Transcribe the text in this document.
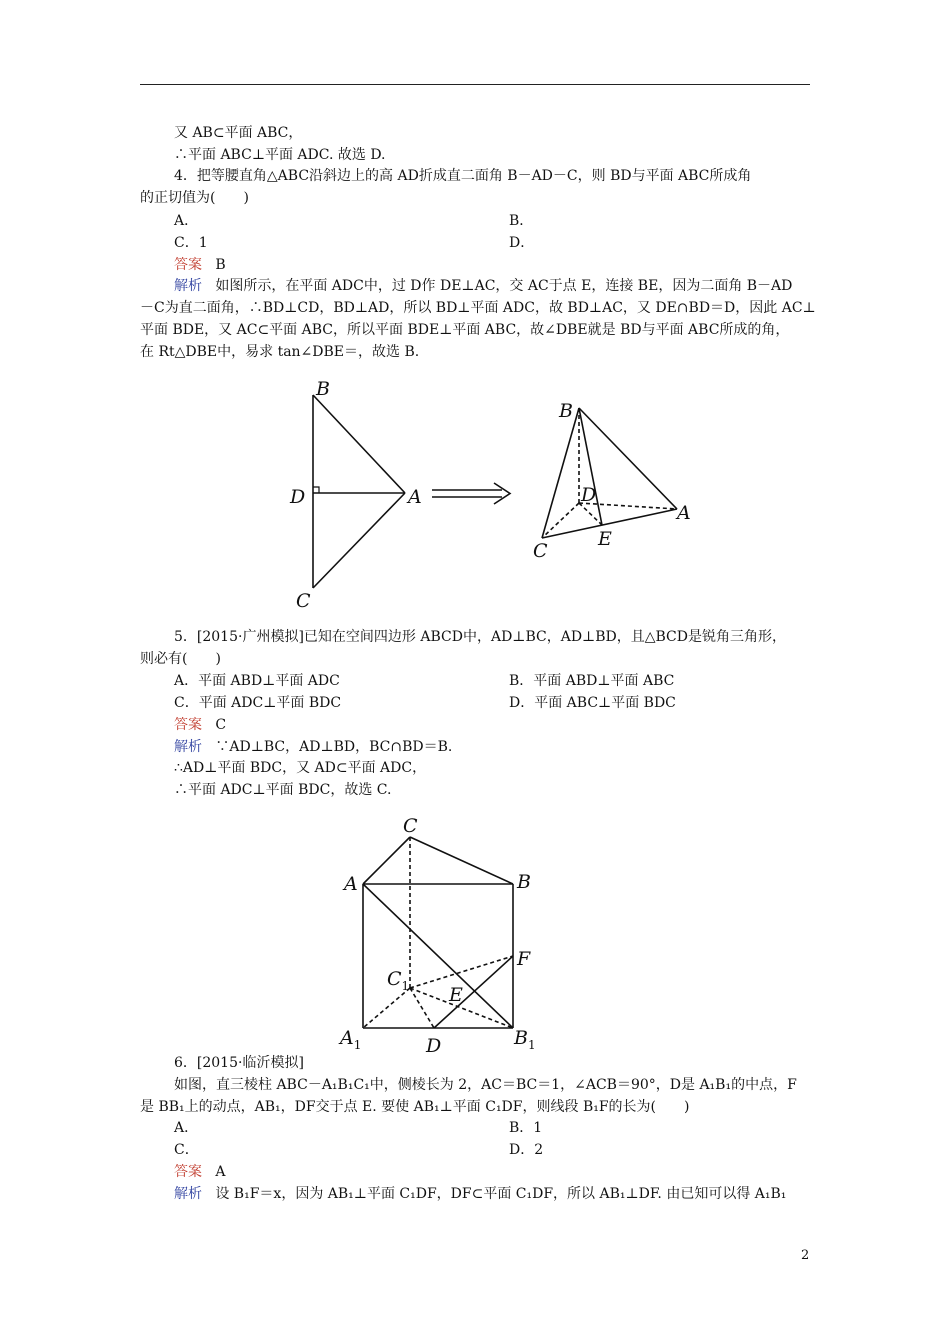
又 AB⊂平面 ABC，
∴平面 ABC⊥平面 ADC. 故选 D.
4．把等腰直角△ABC沿斜边上的高 AD折成直二面角 B－AD－C，则 BD与平面 ABC所成角
的正切值为(　　)
A．	B．
C．1	D．
答案 B
解析 如图所示，在平面 ADC中，过 D作 DE⊥AC，交 AC于点 E，连接 BE，因为二面角 B－AD
－C为直二面角，∴BD⊥CD，BD⊥AD，所以 BD⊥平面 ADC，故 BD⊥AC，又 DE∩BD＝D，因此 AC⊥
平面 BDE，又 AC⊂平面 ABC，所以平面 BDE⊥平面 ABC，故∠DBE就是 BD与平面 ABC所成的角，
在 Rt△DBE中，易求 tan∠DBE＝，故选 B.
B
D	A
C
B
D
A
C
E
5．[2015·广州模拟]已知在空间四边形 ABCD中，AD⊥BC，AD⊥BD，且△BCD是锐角三角形，
则必有(　　)
A．平面 ABD⊥平面 ADC	B．平面 ABD⊥平面 ABC
C．平面 ADC⊥平面 BDC	D．平面 ABC⊥平面 BDC
答案 C
解析 ∵AD⊥BC，AD⊥BD，BC∩BD＝B.
∴AD⊥平面 BDC，又 AD⊂平面 ADC，
∴平面 ADC⊥平面 BDC，故选 C.
C
A	B
F
$C_1$ E
$A_1$	D	$B_1$
6．[2015·临沂模拟]
如图，直三棱柱 ABC－A₁B₁C₁中，侧棱长为 2，AC＝BC＝1，∠ACB＝90°，D是 A₁B₁的中点，F
是 BB₁上的动点，AB₁，DF交于点 E. 要使 AB₁⊥平面 C₁DF，则线段 B₁F的长为(　　)
A．	B．1
C．	D．2
答案 A
解析 设 B₁F＝x，因为 AB₁⊥平面 C₁DF，DF⊂平面 C₁DF，所以 AB₁⊥DF. 由已知可以得 A₁B₁
2
